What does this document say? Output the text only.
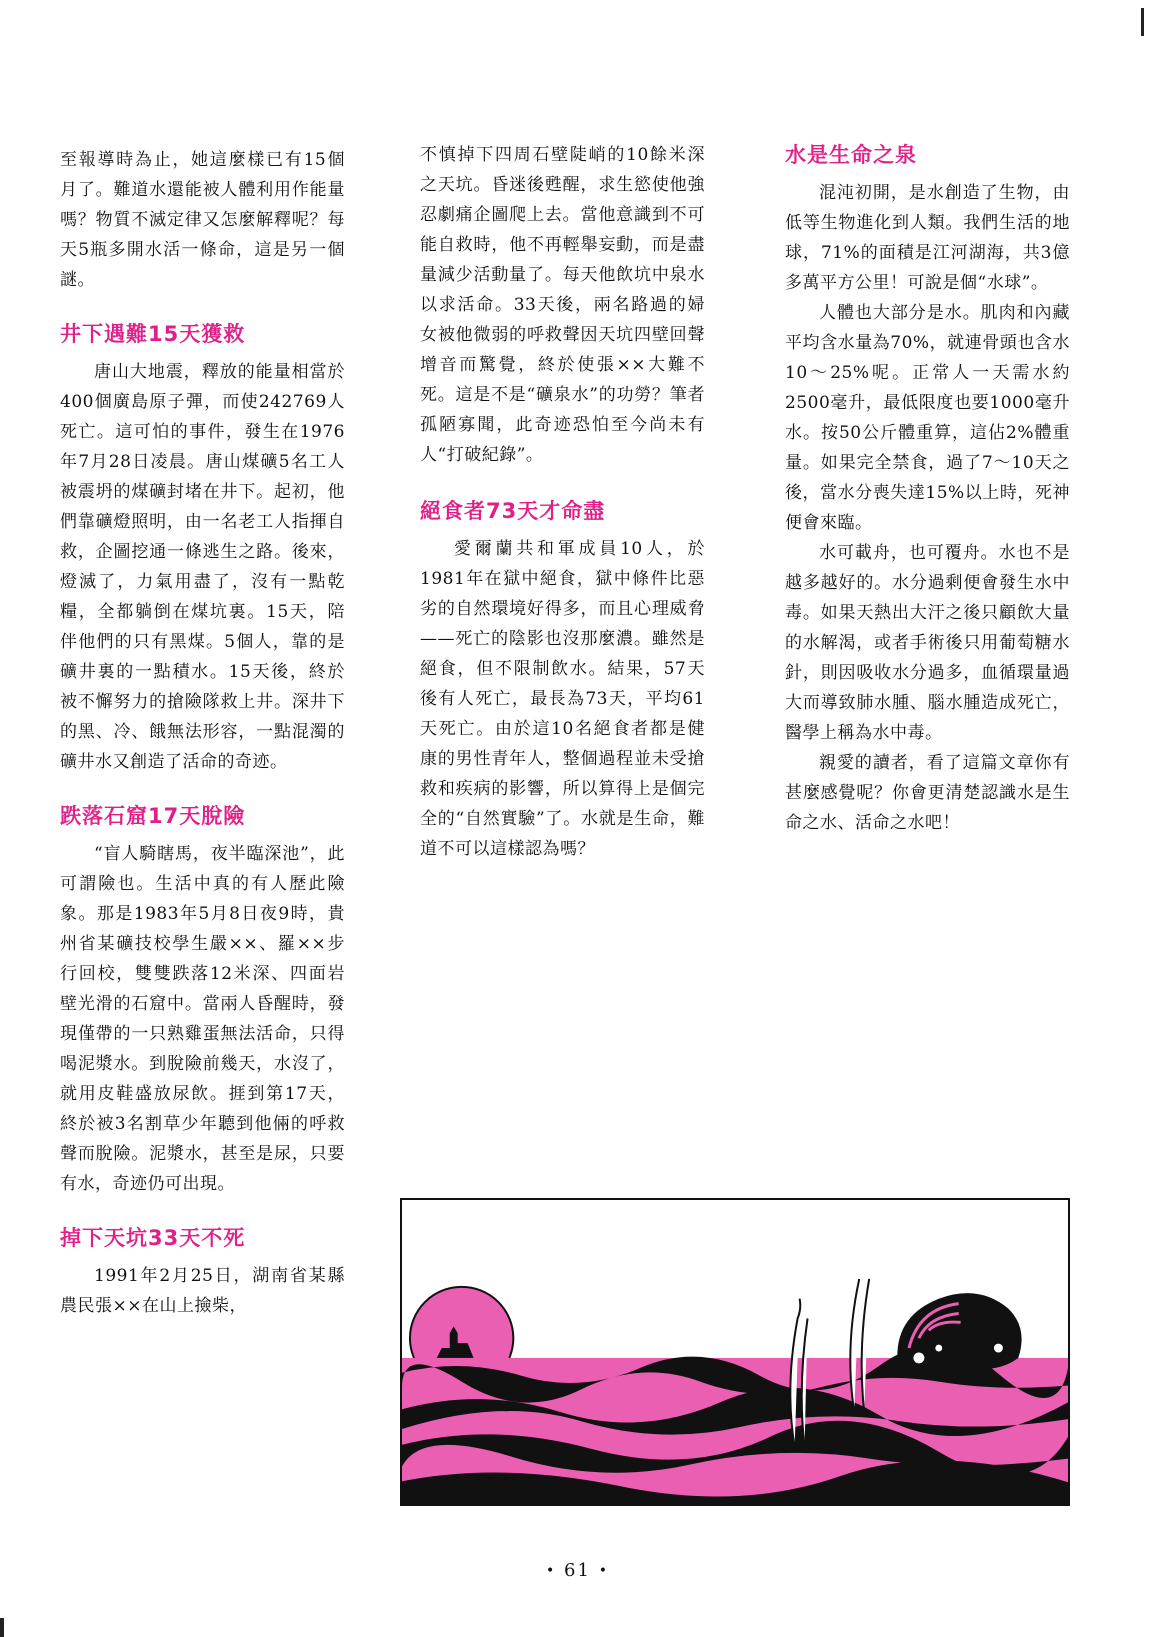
至報導時為止，她這麼樣已有15個月了。難道水還能被人體利用作能量嗎？物質不滅定律又怎麼解釋呢？每天5瓶多開水活一條命，這是另一個謎。

井下遇難15天獲救

唐山大地震，釋放的能量相當於400個廣島原子彈，而使242769人死亡。這可怕的事件，發生在1976年7月28日凌晨。唐山煤礦5名工人被震坍的煤礦封堵在井下。起初，他們靠礦燈照明，由一名老工人指揮自救，企圖挖通一條逃生之路。後來，燈滅了，力氣用盡了，沒有一點乾糧，全都躺倒在煤坑裏。15天，陪伴他們的只有黑煤。5個人，靠的是礦井裏的一點積水。15天後，終於被不懈努力的搶險隊救上井。深井下的黑、冷、餓無法形容，一點混濁的礦井水又創造了活命的奇迹。

跌落石窟17天脫險

“盲人騎瞎馬，夜半臨深池”，此可謂險也。生活中真的有人歷此險象。那是1983年5月8日夜9時，貴州省某礦技校學生嚴××、羅××步行回校，雙雙跌落12米深、四面岩壁光滑的石窟中。當兩人昏醒時，發現僅帶的一只熟雞蛋無法活命，只得喝泥漿水。到脫險前幾天，水沒了，就用皮鞋盛放尿飲。捱到第17天，終於被3名割草少年聽到他倆的呼救聲而脫險。泥漿水，甚至是尿，只要有水，奇迹仍可出現。

掉下天坑33天不死

1991年2月25日，湖南省某縣農民張××在山上撿柴，

不慎掉下四周石壁陡峭的10餘米深之天坑。昏迷後甦醒，求生慾使他強忍劇痛企圖爬上去。當他意識到不可能自救時，他不再輕舉妄動，而是盡量減少活動量了。每天他飲坑中泉水以求活命。33天後，兩名路過的婦女被他微弱的呼救聲因天坑四壁回聲增音而驚覺，終於使張××大難不死。這是不是“礦泉水”的功勞？筆者孤陋寡聞，此奇迹恐怕至今尚未有人“打破紀錄”。

絕食者73天才命盡

愛爾蘭共和軍成員10人，於1981年在獄中絕食，獄中條件比惡劣的自然環境好得多，而且心理威脅——死亡的陰影也沒那麼濃。雖然是絕食，但不限制飲水。結果，57天後有人死亡，最長為73天，平均61天死亡。由於這10名絕食者都是健康的男性青年人，整個過程並未受搶救和疾病的影響，所以算得上是個完全的“自然實驗”了。水就是生命，難道不可以這樣認為嗎？

水是生命之泉

混沌初開，是水創造了生物，由低等生物進化到人類。我們生活的地球，71%的面積是江河湖海，共3億多萬平方公里！可說是個“水球”。

人體也大部分是水。肌肉和內藏平均含水量為70%，就連骨頭也含水10～25%呢。正常人一天需水約2500毫升，最低限度也要1000毫升水。按50公斤體重算，這佔2%體重量。如果完全禁食，過了7～10天之後，當水分喪失達15%以上時，死神便會來臨。

水可載舟，也可覆舟。水也不是越多越好的。水分過剩便會發生水中毒。如果天熱出大汗之後只顧飲大量的水解渴，或者手術後只用葡萄糖水針，則因吸收水分過多，血循環量過大而導致肺水腫、腦水腫造成死亡，醫學上稱為水中毒。

親愛的讀者，看了這篇文章你有甚麼感覺呢？你會更清楚認識水是生命之水、活命之水吧！

• 61 •
